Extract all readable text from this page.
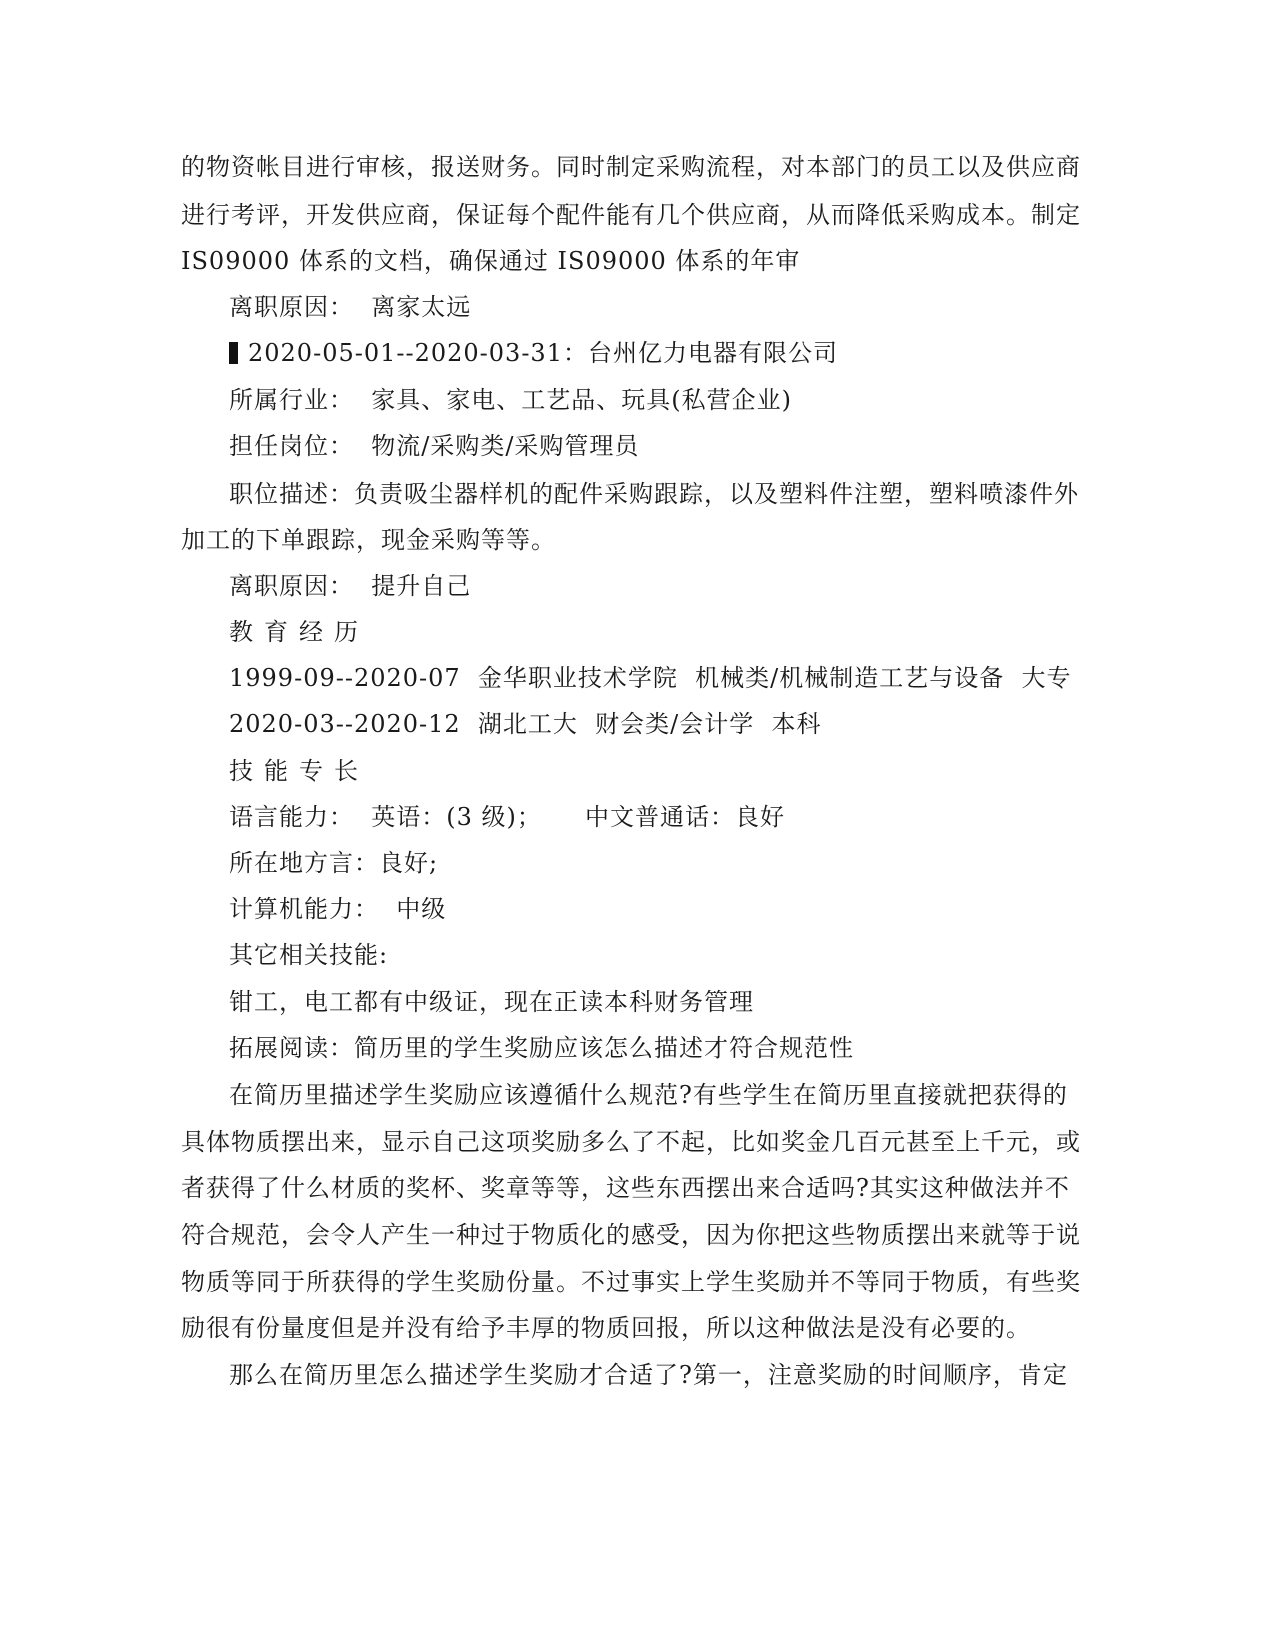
的物资帐目进行审核，报送财务。同时制定采购流程，对本部门的员工以及供应商
进行考评，开发供应商，保证每个配件能有几个供应商，从而降低采购成本。制定
IS09000 体系的文档，确保通过 IS09000 体系的年审
离职原因：  离家太远
2020-05-01--2020-03-31：台州亿力电器有限公司
所属行业：  家具、家电、工艺品、玩具(私营企业)
担任岗位：  物流/采购类/采购管理员
职位描述：负责吸尘器样机的配件采购跟踪，以及塑料件注塑，塑料喷漆件外
加工的下单跟踪，现金采购等等。
离职原因：  提升自己
教育经历
1999-09--2020-07  金华职业技术学院  机械类/机械制造工艺与设备  大专
2020-03--2020-12  湖北工大  财会类/会计学  本科
技能专长
语言能力：  英语：(3 级)；     中文普通话：良好
所在地方言：良好;
计算机能力：  中级
其它相关技能:
钳工，电工都有中级证，现在正读本科财务管理
拓展阅读：简历里的学生奖励应该怎么描述才符合规范性
在简历里描述学生奖励应该遵循什么规范?有些学生在简历里直接就把获得的
具体物质摆出来，显示自己这项奖励多么了不起，比如奖金几百元甚至上千元，或
者获得了什么材质的奖杯、奖章等等，这些东西摆出来合适吗?其实这种做法并不
符合规范，会令人产生一种过于物质化的感受，因为你把这些物质摆出来就等于说
物质等同于所获得的学生奖励份量。不过事实上学生奖励并不等同于物质，有些奖
励很有份量度但是并没有给予丰厚的物质回报，所以这种做法是没有必要的。
那么在简历里怎么描述学生奖励才合适了?第一，注意奖励的时间顺序，肯定
